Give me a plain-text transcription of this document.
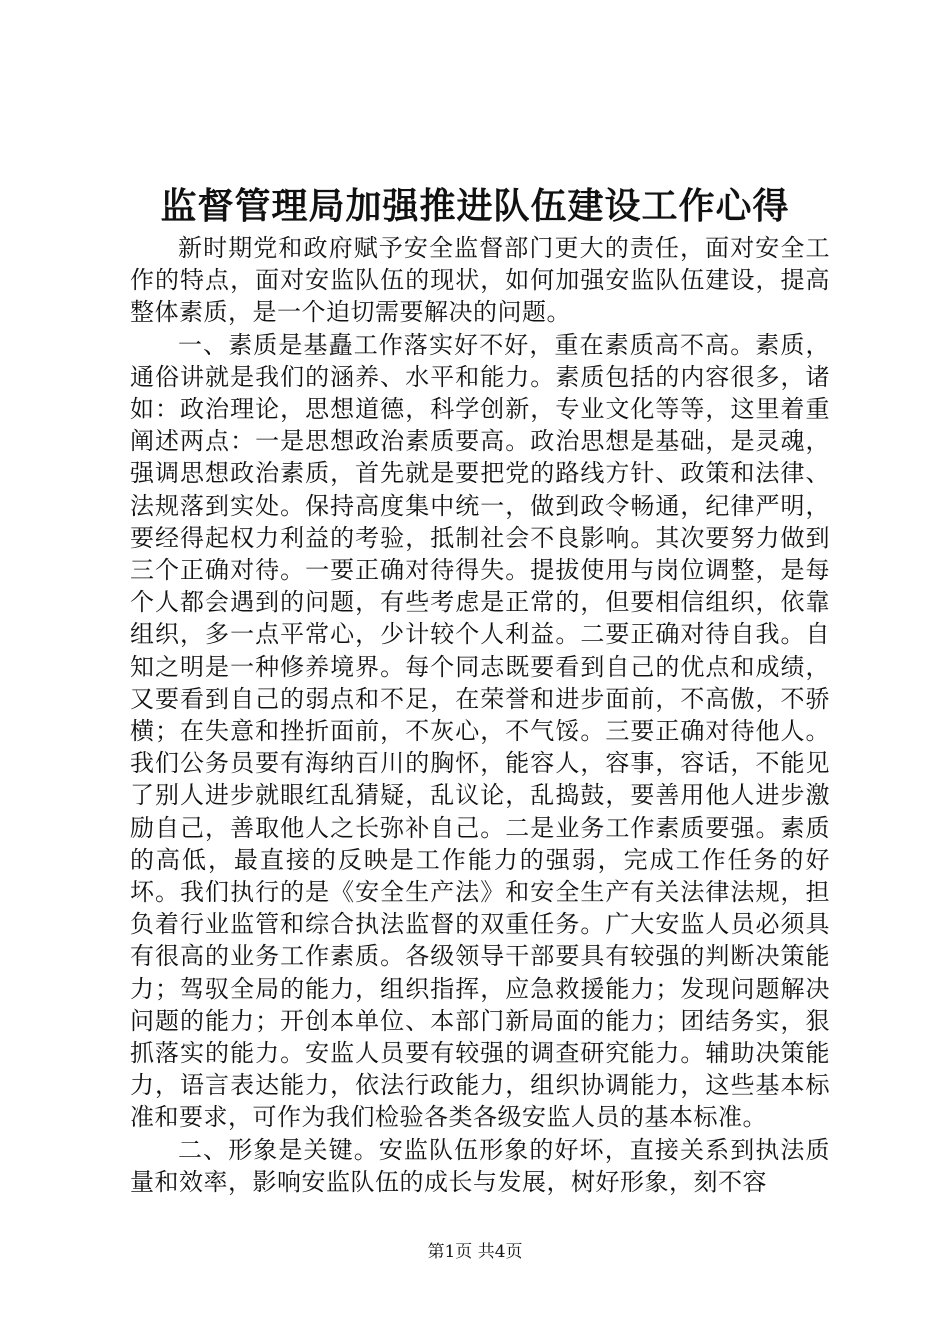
监督管理局加强推进队伍建设工作心得

新时期党和政府赋予安全监督部门更大的责任，面对安全工作的特点，面对安监队伍的现状，如何加强安监队伍建设，提高整体素质，是一个迫切需要解决的问题。

一、素质是基矗工作落实好不好，重在素质高不高。素质，通俗讲就是我们的涵养、水平和能力。素质包括的内容很多，诸如：政治理论，思想道德，科学创新，专业文化等等，这里着重阐述两点：一是思想政治素质要高。政治思想是基础，是灵魂，强调思想政治素质，首先就是要把党的路线方针、政策和法律、法规落到实处。保持高度集中统一，做到政令畅通，纪律严明，要经得起权力利益的考验，抵制社会不良影响。其次要努力做到三个正确对待。一要正确对待得失。提拔使用与岗位调整，是每个人都会遇到的问题，有些考虑是正常的，但要相信组织，依靠组织，多一点平常心，少计较个人利益。二要正确对待自我。自知之明是一种修养境界。每个同志既要看到自己的优点和成绩，又要看到自己的弱点和不足，在荣誉和进步面前，不高傲，不骄横；在失意和挫折面前，不灰心，不气馁。三要正确对待他人。我们公务员要有海纳百川的胸怀，能容人，容事，容话，不能见了别人进步就眼红乱猜疑，乱议论，乱捣鼓，要善用他人进步激励自己，善取他人之长弥补自己。二是业务工作素质要强。素质的高低，最直接的反映是工作能力的强弱，完成工作任务的好坏。我们执行的是《安全生产法》和安全生产有关法律法规，担负着行业监管和综合执法监督的双重任务。广大安监人员必须具有很高的业务工作素质。各级领导干部要具有较强的判断决策能力；驾驭全局的能力，组织指挥，应急救援能力；发现问题解决问题的能力；开创本单位、本部门新局面的能力；团结务实，狠抓落实的能力。安监人员要有较强的调查研究能力。辅助决策能力，语言表达能力，依法行政能力，组织协调能力，这些基本标准和要求，可作为我们检验各类各级安监人员的基本标准。

二、形象是关键。安监队伍形象的好坏，直接关系到执法质量和效率，影响安监队伍的成长与发展，树好形象，刻不容

第1页 共4页
